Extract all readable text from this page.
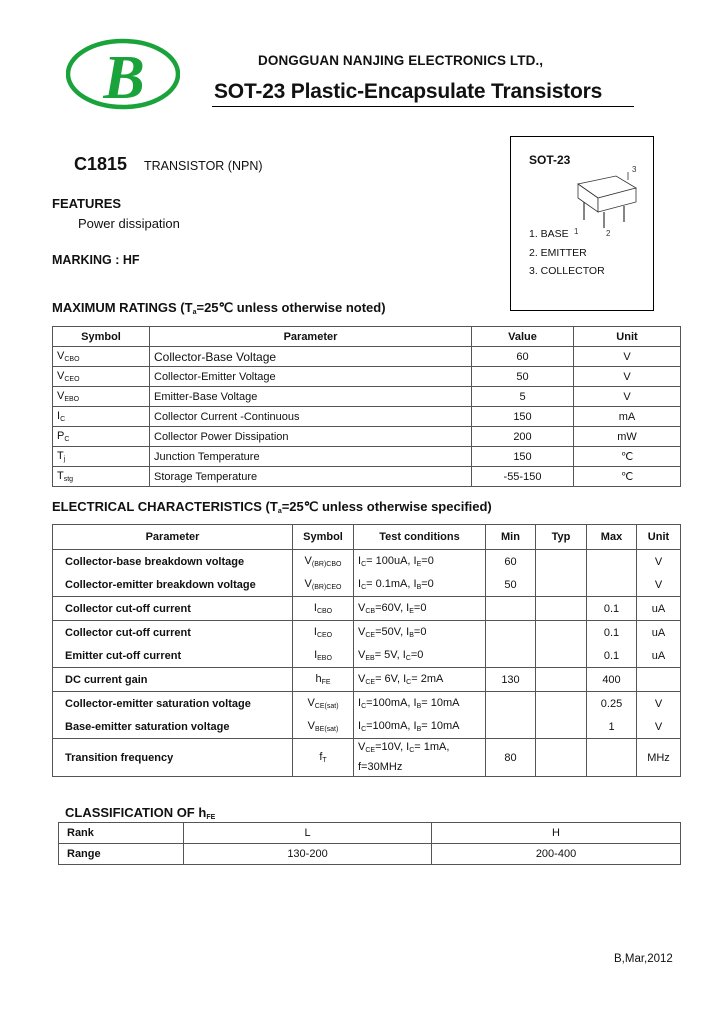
B	DONGGUAN NANJING ELECTRONICS LTD.,
SOT-23 Plastic-Encapsulate Transistors
C1815 TRANSISTOR (NPN)
FEATURES
Power dissipation
MARKING : HF
SOT-23
3
1	2
1. BASE
2. EMITTER
3. COLLECTOR
MAXIMUM RATINGS ($T_a=25℃$ unless otherwise noted)
Symbol	Parameter	Value	Unit
$V_{CBO}$	Collector-Base Voltage	60	V
$V_{CEO}$	Collector-Emitter Voltage	50	V
$V_{EBO}$	Emitter-Base Voltage	5	V
$I_C$	Collector Current -Continuous	150	mA
$P_C$	Collector Power Dissipation	200	mW
$T_j$	Junction Temperature	150	℃
$T_{stg}$	Storage Temperature	-55-150	℃
ELECTRICAL CHARACTERISTICS ($T_a=25℃$ unless otherwise specified)
Parameter	Symbol	Test conditions	Min	Typ	Max	Unit
Collector-base breakdown voltage	$V_{(BR)CBO}$	$I_C= 100uA$, $I_E=0$	60			V
Collector-emitter breakdown voltage	$V_{(BR)CEO}$	$I_C= 0.1mA$, $I_B=0$	50			V
Collector cut-off current	$I_{CBO}$	$V_{CB}=60V$, $I_E=0$			0.1	uA
Collector cut-off current	$I_{CEO}$	$V_{CE}=50V$, $I_B=0$			0.1	uA
Emitter cut-off current	$I_{EBO}$	$V_{EB}= 5V$, $I_C=0$			0.1	uA
DC current gain	$h_{FE}$	$V_{CE}= 6V$, $I_C= 2mA$	130		400	
Collector-emitter saturation voltage	$V_{CE(sat)}$	$I_C=100mA$, $I_B= 10mA$			0.25	V
Base-emitter saturation voltage	$V_{BE(sat)}$	$I_C=100mA$, $I_B= 10mA$			1	V
Transition frequency	$f_T$	$V_{CE}=10V$, $I_C= 1mA$,
f=30MHz	80			MHz
CLASSIFICATION OF $h_{FE}$
Rank	L	H
Range	130-200	200-400
B,Mar,2012
